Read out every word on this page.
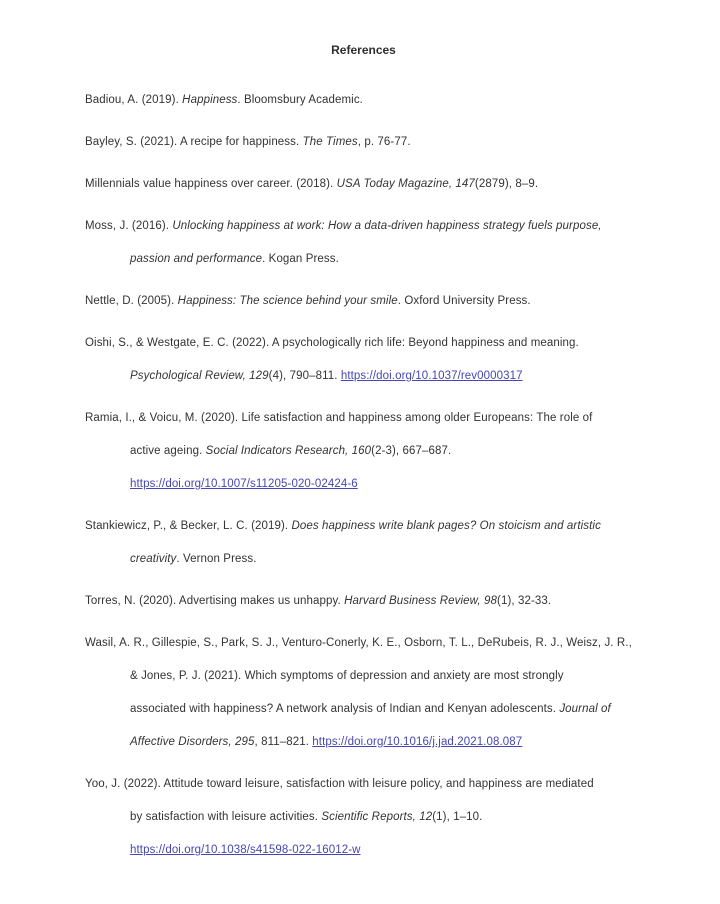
References
Badiou, A. (2019). Happiness. Bloomsbury Academic.
Bayley, S. (2021). A recipe for happiness. The Times, p. 76-77.
Millennials value happiness over career. (2018). USA Today Magazine, 147(2879), 8–9.
Moss, J. (2016). Unlocking happiness at work: How a data-driven happiness strategy fuels purpose,
passion and performance. Kogan Press.
Nettle, D. (2005). Happiness: The science behind your smile. Oxford University Press.
Oishi, S., & Westgate, E. C. (2022). A psychologically rich life: Beyond happiness and meaning.
Psychological Review, 129(4), 790–811. https://doi.org/10.1037/rev0000317
Ramia, I., & Voicu, M. (2020). Life satisfaction and happiness among older Europeans: The role of
active ageing. Social Indicators Research, 160(2-3), 667–687.
https://doi.org/10.1007/s11205-020-02424-6
Stankiewicz, P., & Becker, L. C. (2019). Does happiness write blank pages? On stoicism and artistic
creativity. Vernon Press.
Torres, N. (2020). Advertising makes us unhappy. Harvard Business Review, 98(1), 32-33.
Wasil, A. R., Gillespie, S., Park, S. J., Venturo-Conerly, K. E., Osborn, T. L., DeRubeis, R. J., Weisz, J. R.,
& Jones, P. J. (2021). Which symptoms of depression and anxiety are most strongly
associated with happiness? A network analysis of Indian and Kenyan adolescents. Journal of
Affective Disorders, 295, 811–821. https://doi.org/10.1016/j.jad.2021.08.087
Yoo, J. (2022). Attitude toward leisure, satisfaction with leisure policy, and happiness are mediated
by satisfaction with leisure activities. Scientific Reports, 12(1), 1–10.
https://doi.org/10.1038/s41598-022-16012-w
